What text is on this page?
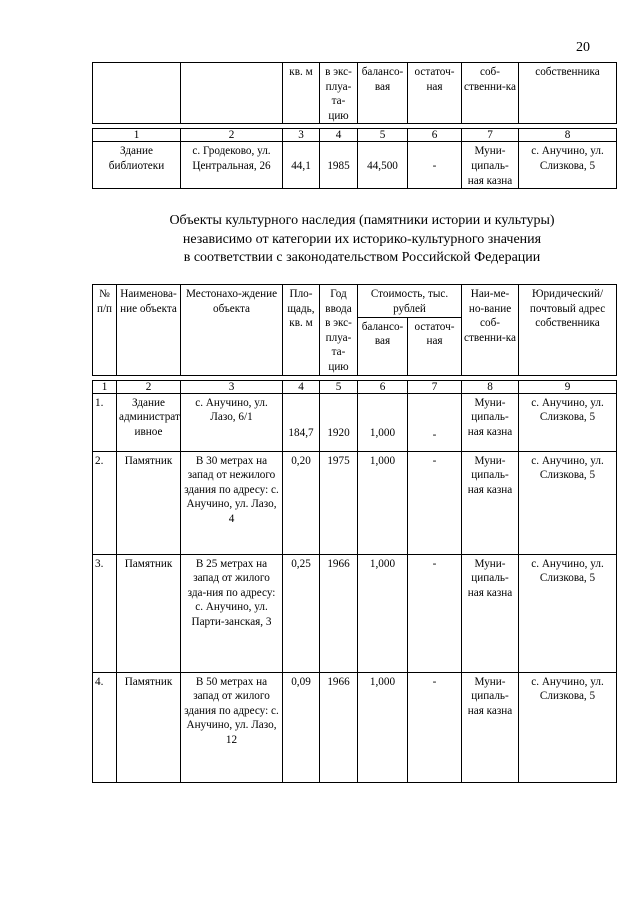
20
		кв. м	в экс-плуа-та-цию	балансо-вая	остаточ-ная	соб-ственни-ка	собственника

1	2	3	4	5	6	7	8
Здание библиотеки	с. Гродеково, ул. Центральная, 26	44,1	1985	44,500	-	Муни-ципаль-ная казна	с. Анучино, ул. Слизкова, 5
Объекты культурного наследия (памятники истории и культуры)
независимо от категории их историко-культурного значения
в соответствии с законодательством Российской Федерации
№ п/п	Наименова-ние объекта	Местонахо-ждение объекта	Пло-щадь, кв. м	Год ввода в экс-плуа-та-цию	Стоимость, тыс. рублей		Наи-ме-но-вание соб-ственни-ка	Юридический/ почтовый адрес собственника
					балансо-вая	остаточ-ная		

1	2	3	4	5	6	7	8	9
1.	Здание администрат ивное	с. Анучино, ул. Лазо, 6/1	184,7	1920	1,000	-	Муни-ципаль-ная казна	с. Анучино, ул. Слизкова, 5
2.	Памятник	В 30 метрах на запад от нежилого здания по адресу: с. Анучино, ул. Лазо, 4	0,20	1975	1,000	-	Муни-ципаль-ная казна	с. Анучино, ул. Слизкова, 5
3.	Памятник	В 25 метрах на запад от жилого зда-ния по адресу: с. Анучино, ул. Парти-занская, 3	0,25	1966	1,000	-	Муни-ципаль-ная казна	с. Анучино, ул. Слизкова, 5
4.	Памятник	В 50 метрах на запад от жилого здания по адресу: с. Анучино, ул. Лазо, 12	0,09	1966	1,000	-	Муни-ципаль-ная казна	с. Анучино, ул. Слизкова, 5
